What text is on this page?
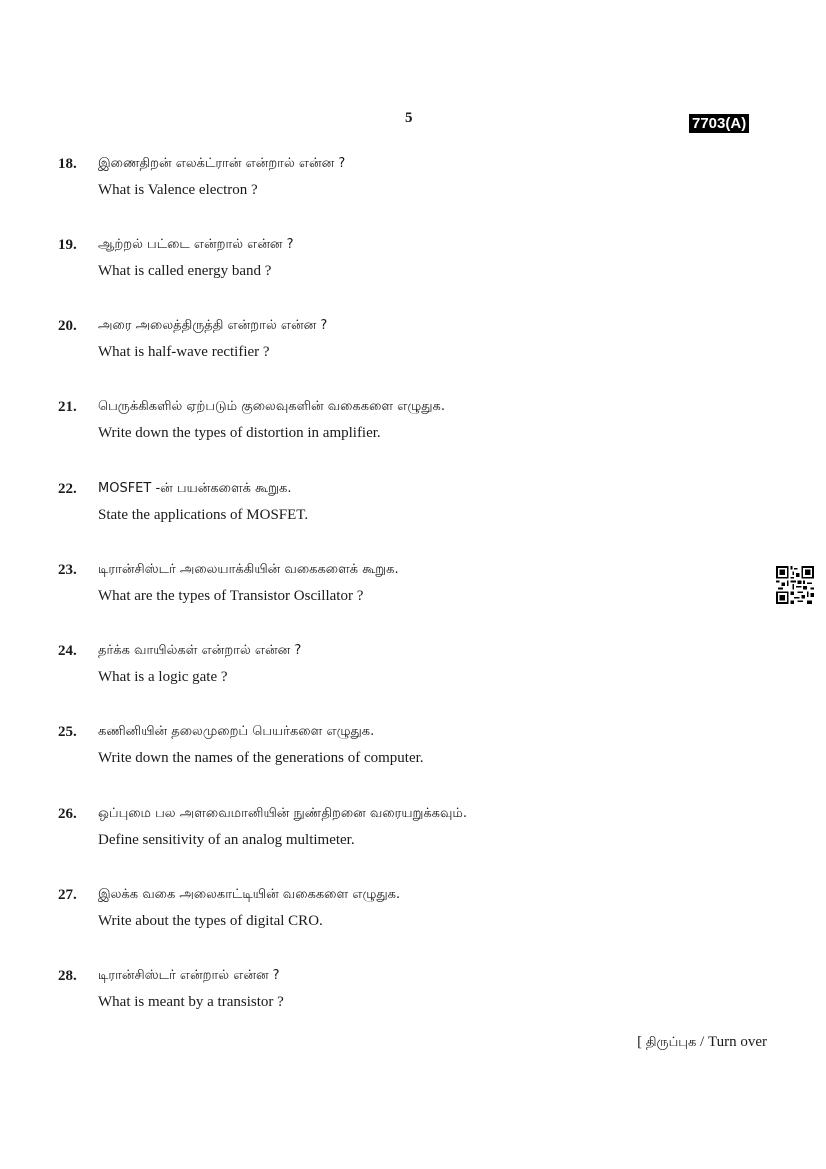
5	7703(A)
18. இணைதிறன் எலக்ட்ரான் என்றால் என்ன ?
What is Valence electron ?
19. ஆற்றல் பட்டை என்றால் என்ன ?
What is called energy band ?
20. அரை அலைத்திருத்தி என்றால் என்ன ?
What is half-wave rectifier ?
21. பெருக்கிகளில் ஏற்படும் குலைவுகளின் வகைகளை எழுதுக.
Write down the types of distortion in amplifier.
22. MOSFET -ன் பயன்களைக் கூறுக.
State the applications of MOSFET.
23. டிரான்சிஸ்டர் அலையாக்கியின் வகைகளைக் கூறுக.
What are the types of Transistor Oscillator ?
24. தர்க்க வாயில்கள் என்றால் என்ன ?
What is a logic gate ?
25. கணினியின் தலைமுறைப் பெயர்களை எழுதுக.
Write down the names of the generations of computer.
26. ஒப்புமை பல அளவைமானியின் நுண்திறனை வரையறுக்கவும்.
Define sensitivity of an analog multimeter.
27. இலக்க வகை அலைகாட்டியின் வகைகளை எழுதுக.
Write about the types of digital CRO.
28. டிரான்சிஸ்டர் என்றால் என்ன ?
What is meant by a transistor ?
[ திருப்புக / Turn over
